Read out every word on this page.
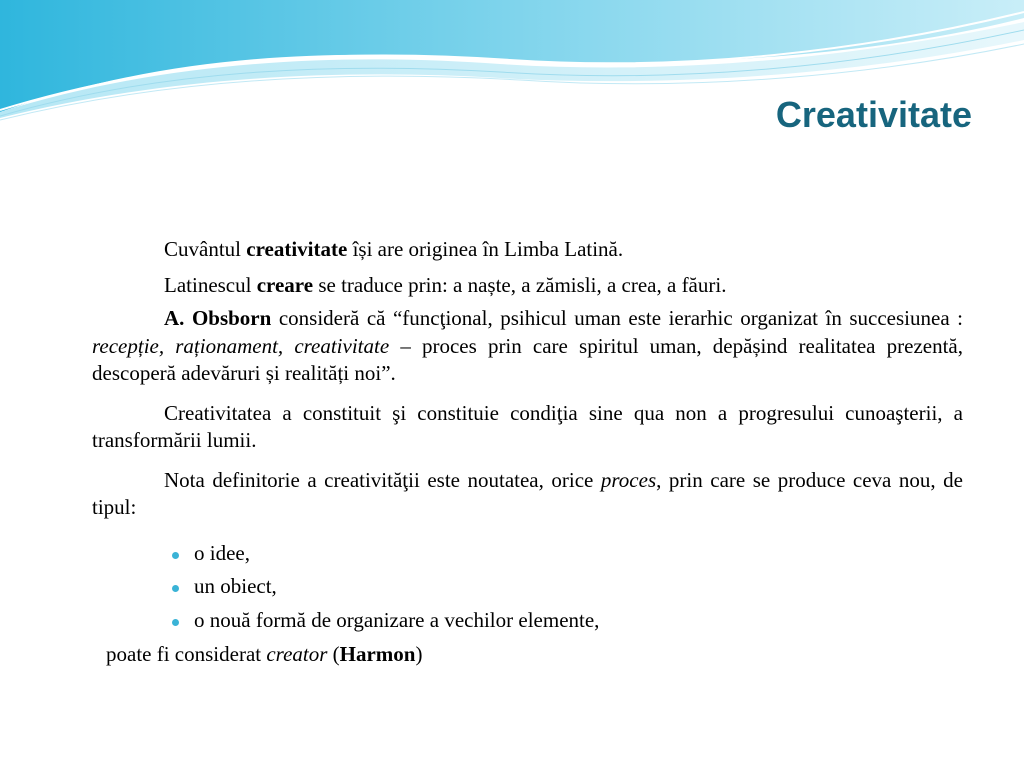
Creativitate

Cuvântul creativitate își are originea în Limba Latină.

Latinescul creare se traduce prin: a naște, a zămisli, a crea, a făuri.

A. Obsborn consideră că “funcţional, psihicul uman este ierarhic organizat în succesiunea : recepție, raționament, creativitate – proces prin care spiritul uman, depășind realitatea prezentă, descoperă adevăruri și realități noi”.

Creativitatea a constituit şi constituie condiţia sine qua non a progresului cunoaşterii, a transformării lumii.

Nota definitorie a creativităţii este noutatea, orice proces, prin care se produce ceva nou, de tipul:

o idee,
un obiect,
o nouă formă de organizare a vechilor elemente,

poate fi considerat creator (Harmon)
